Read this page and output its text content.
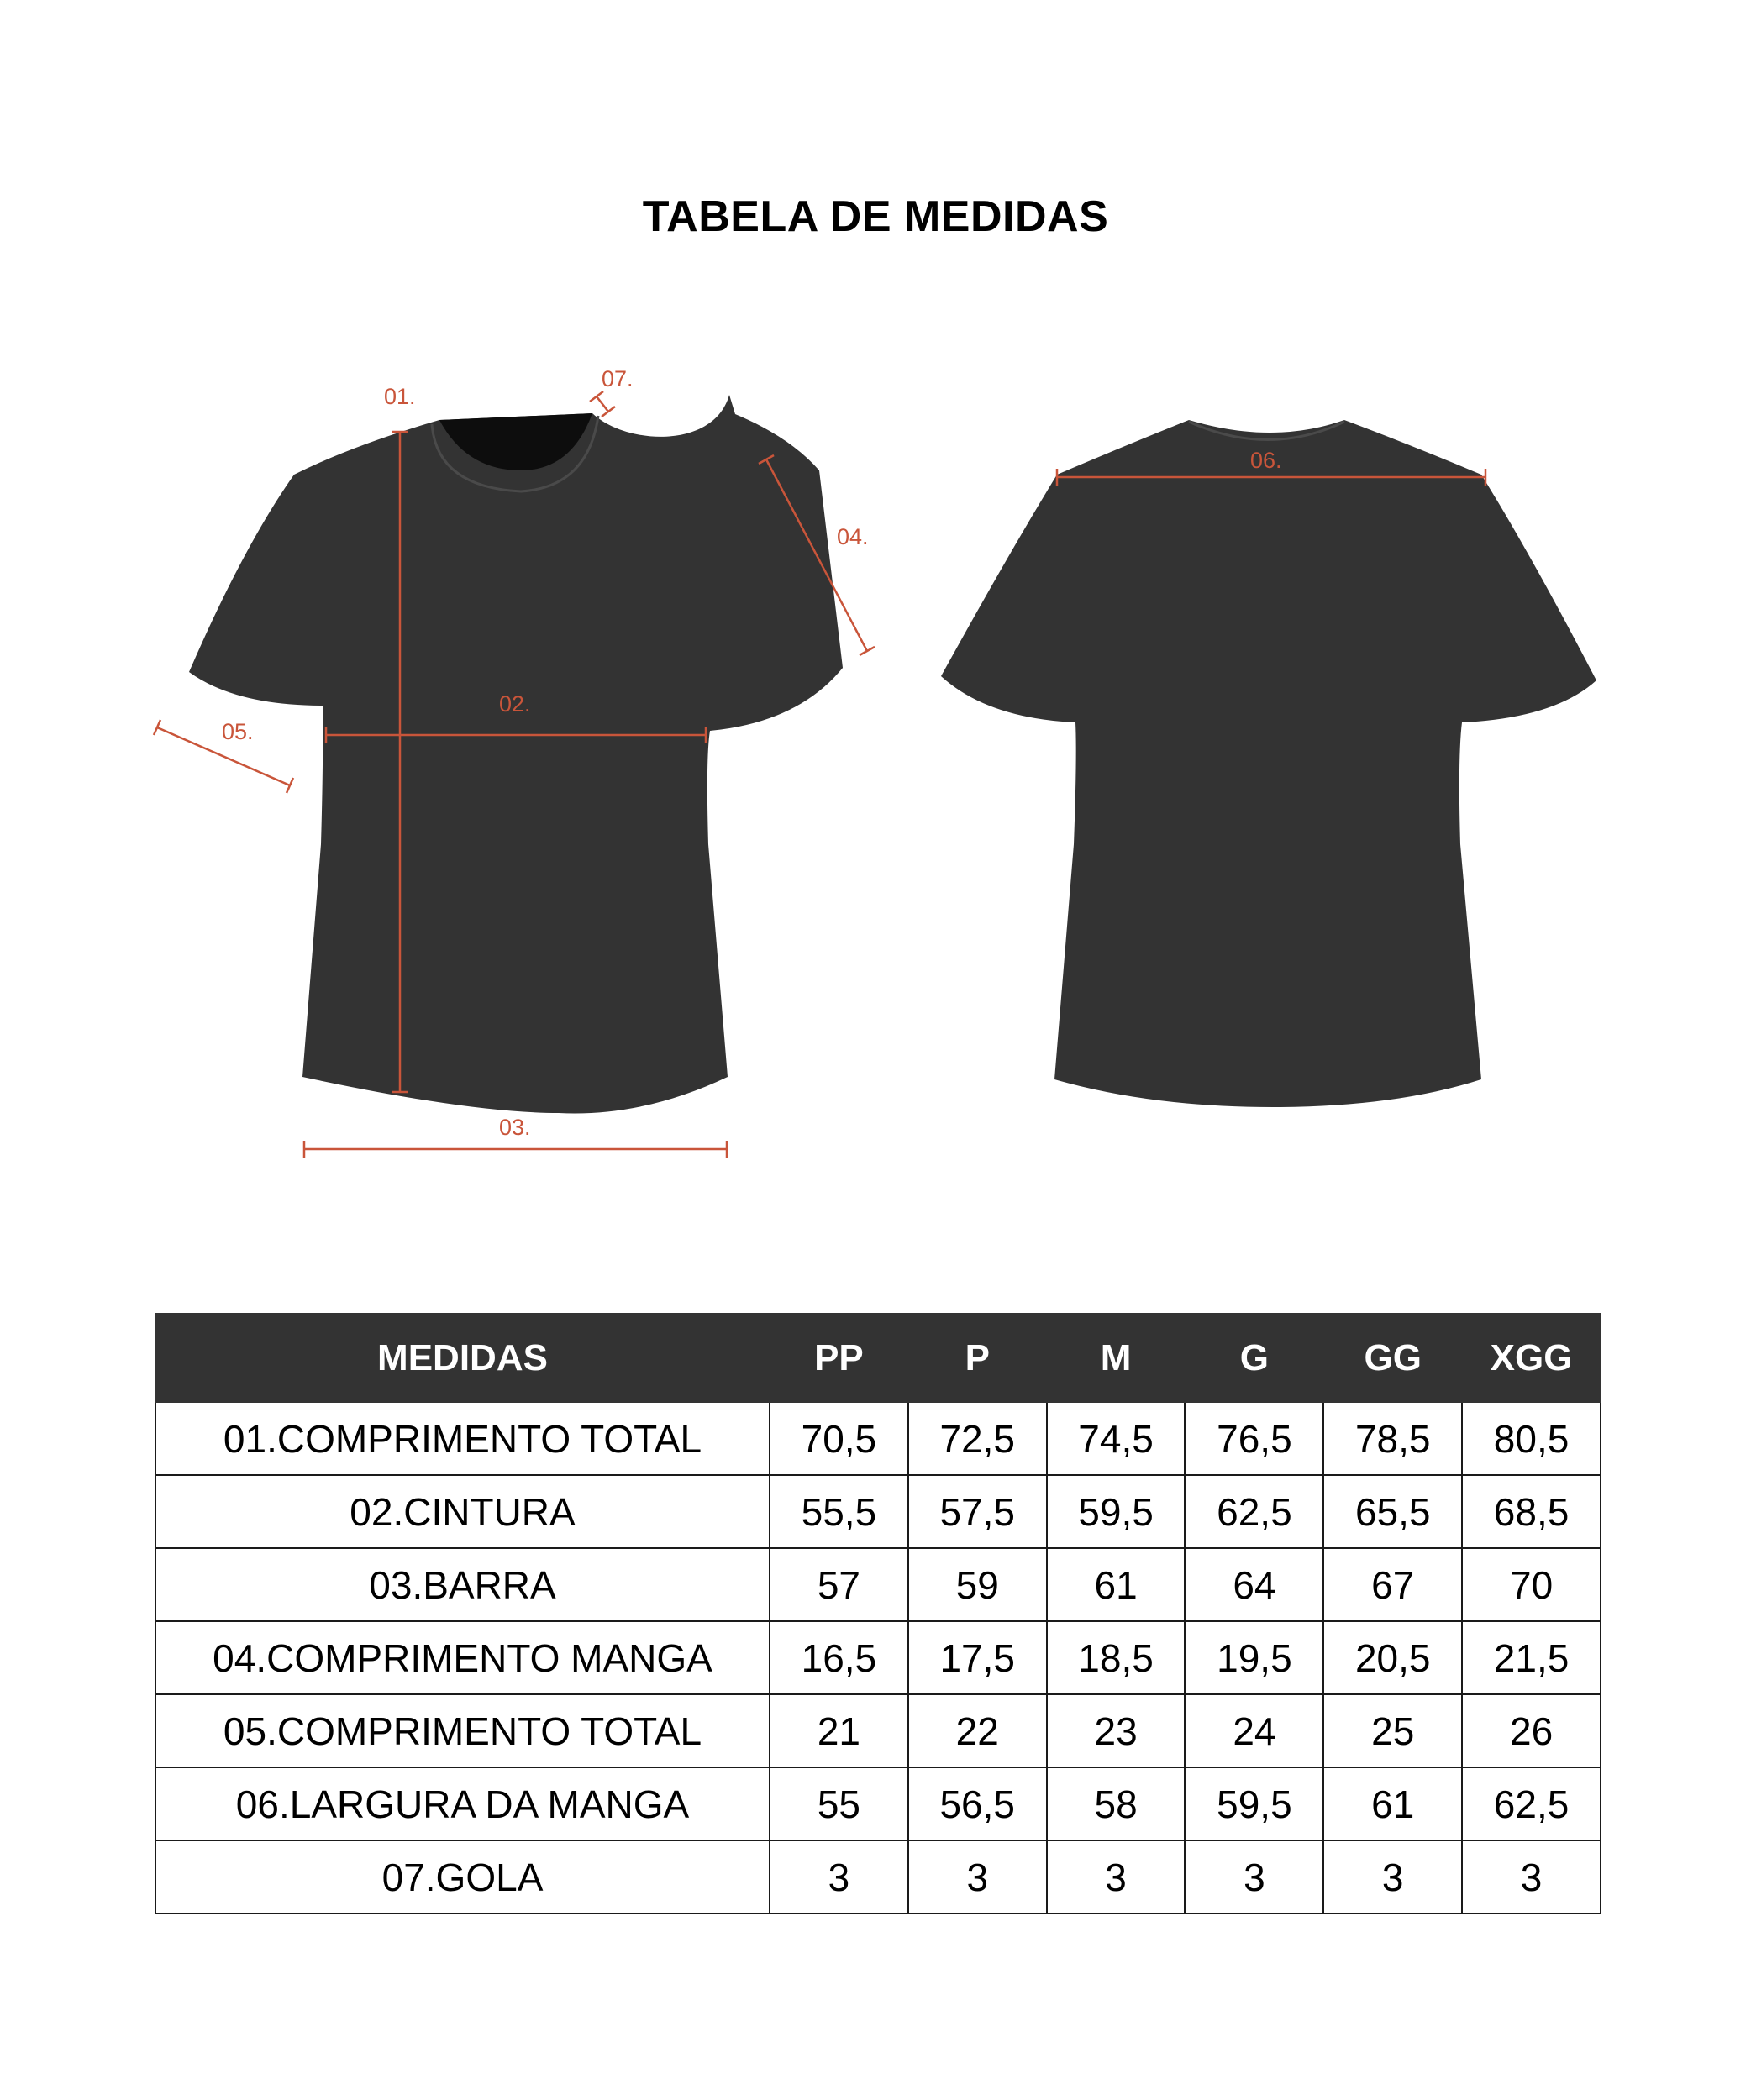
TABELA DE MEDIDAS
01.
02.
03.
04.
05.
06.
07.
MEDIDAS	PP	P	M	G	GG	XGG
01.COMPRIMENTO TOTAL	70,5	72,5	74,5	76,5	78,5	80,5
02.CINTURA	55,5	57,5	59,5	62,5	65,5	68,5
03.BARRA	57	59	61	64	67	70
04.COMPRIMENTO MANGA	16,5	17,5	18,5	19,5	20,5	21,5
05.COMPRIMENTO TOTAL	21	22	23	24	25	26
06.LARGURA DA MANGA	55	56,5	58	59,5	61	62,5
07.GOLA	3	3	3	3	3	3
